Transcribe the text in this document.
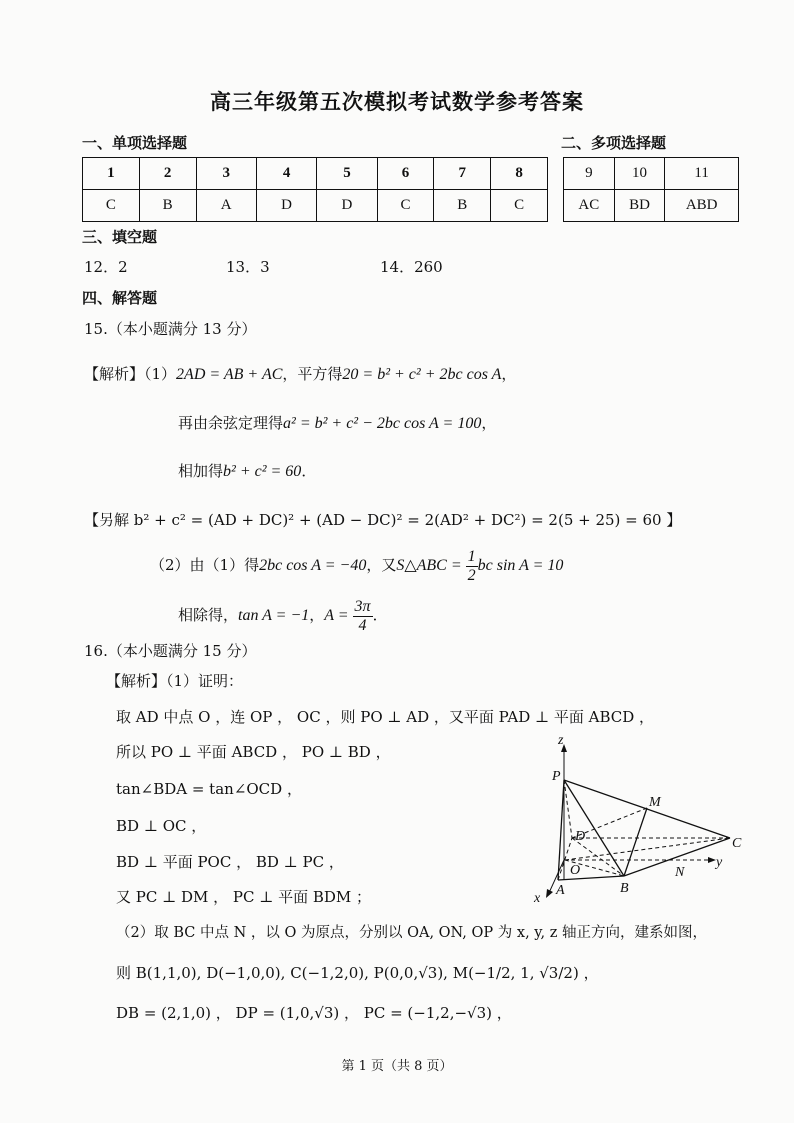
高三年级第五次模拟考试数学参考答案
一、单项选择题	二、多项选择题
1	2	3	4	5	6	7	8
C	B	A	D	D	C	B	C
9	10	11
AC	BD	ABD
三、填空题
12．2	13．3	14．260
四、解答题
15.（本小题满分 13 分）
【解析】（1）2AD = AB + AC，平方得20 = b² + c² + 2bc cos A，
再由余弦定理得a² = b² + c² − 2bc cos A = 100，
相加得b² + c² = 60．
【另解 b² + c² = (AD + DC)² + (AD − DC)² = 2(AD² + DC²) = 2(5 + 25) = 60 】
（2）由（1）得2bc cos A = −40，又S△ABC = $\frac{1}{2}$ bc sin A = 10
相除得，tan A = −1，$A = \frac{3\pi}{4}$ ．
16.（本小题满分 15 分）
【解析】（1）证明：
取 AD 中点 O ，连 OP ， OC ，则 PO ⊥ AD ，又平面 PAD ⊥ 平面 ABCD ，
所以 PO ⊥ 平面 ABCD ， PO ⊥ BD ，
tan∠BDA = tan∠OCD ，
BD ⊥ OC ，
BD ⊥ 平面 POC ， BD ⊥ PC ，
又 PC ⊥ DM ， PC ⊥ 平面 BDM ；
（2）取 BC 中点 N ，以 O 为原点，分别以 OA, ON, OP 为 x, y, z 轴正方向，建系如图，
则 B(1,1,0), D(−1,0,0), C(−1,2,0), P(0,0,√3), M(−1/2, 1, √3/2) ，
DB = (2,1,0) ， DP = (1,0,√3) ， PC = (−1,2,−√3) ，
z
P
M
D	C
O
y
N
x
A	B
第 1 页（共 8 页）
